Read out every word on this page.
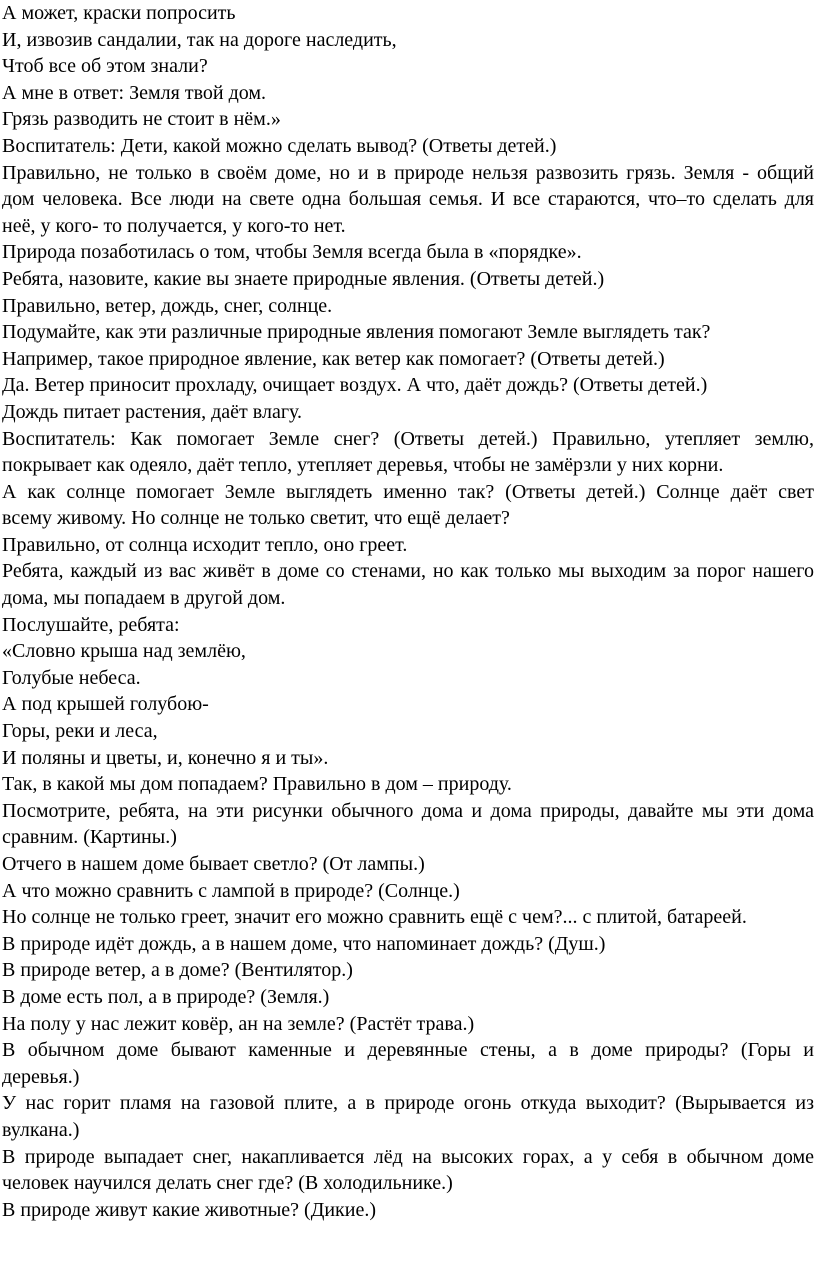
А может, краски попросить
И, извозив сандалии, так на дороге наследить,
Чтоб все об этом знали?
А мне в ответ: Земля твой дом.
Грязь разводить не стоит в нём.»
Воспитатель: Дети, какой можно сделать вывод? (Ответы детей.)
Правильно, не только в своём доме, но и в природе нельзя развозить грязь. Земля - общий
дом человека. Все люди на свете одна большая семья. И все стараются, что–то сделать для
неё, у кого- то получается, у кого-то нет.
Природа позаботилась о том, чтобы Земля всегда была в «порядке».
Ребята, назовите, какие вы знаете природные явления. (Ответы детей.)
Правильно, ветер, дождь, снег, солнце.
Подумайте, как эти различные природные явления помогают Земле выглядеть так?
Например, такое природное явление, как ветер как помогает? (Ответы детей.)
Да. Ветер приносит прохладу, очищает воздух. А что, даёт дождь? (Ответы детей.)
Дождь питает растения, даёт влагу.
Воспитатель: Как помогает Земле снег? (Ответы детей.) Правильно, утепляет землю,
покрывает как одеяло, даёт тепло, утепляет деревья, чтобы не замёрзли у них корни.
А как солнце помогает Земле выглядеть именно так? (Ответы детей.) Солнце даёт свет
всему живому. Но солнце не только светит, что ещё делает?
Правильно, от солнца исходит тепло, оно греет.
Ребята, каждый из вас живёт в доме со стенами, но как только мы выходим за порог нашего
дома, мы попадаем в другой дом.
Послушайте, ребята:
«Словно крыша над землёю,
Голубые небеса.
А под крышей голубою-
Горы, реки и леса,
И поляны и цветы, и, конечно я и ты».
Так, в какой мы дом попадаем? Правильно в дом – природу.
Посмотрите, ребята, на эти рисунки обычного дома и дома природы, давайте мы эти дома
сравним. (Картины.)
Отчего в нашем доме бывает светло? (От лампы.)
А что можно сравнить с лампой в природе? (Солнце.)
Но солнце не только греет, значит его можно сравнить ещё с чем?... с плитой, батареей.
В природе идёт дождь, а в нашем доме, что напоминает дождь? (Душ.)
В природе ветер, а в доме? (Вентилятор.)
В доме есть пол, а в природе? (Земля.)
На полу у нас лежит ковёр, ан на земле? (Растёт трава.)
В обычном доме бывают каменные и деревянные стены, а в доме природы? (Горы и
деревья.)
У нас горит пламя на газовой плите, а в природе огонь откуда выходит? (Вырывается из
вулкана.)
В природе выпадает снег, накапливается лёд на высоких горах, а у себя в обычном доме
человек научился делать снег где? (В холодильнике.)
В природе живут какие животные? (Дикие.)
